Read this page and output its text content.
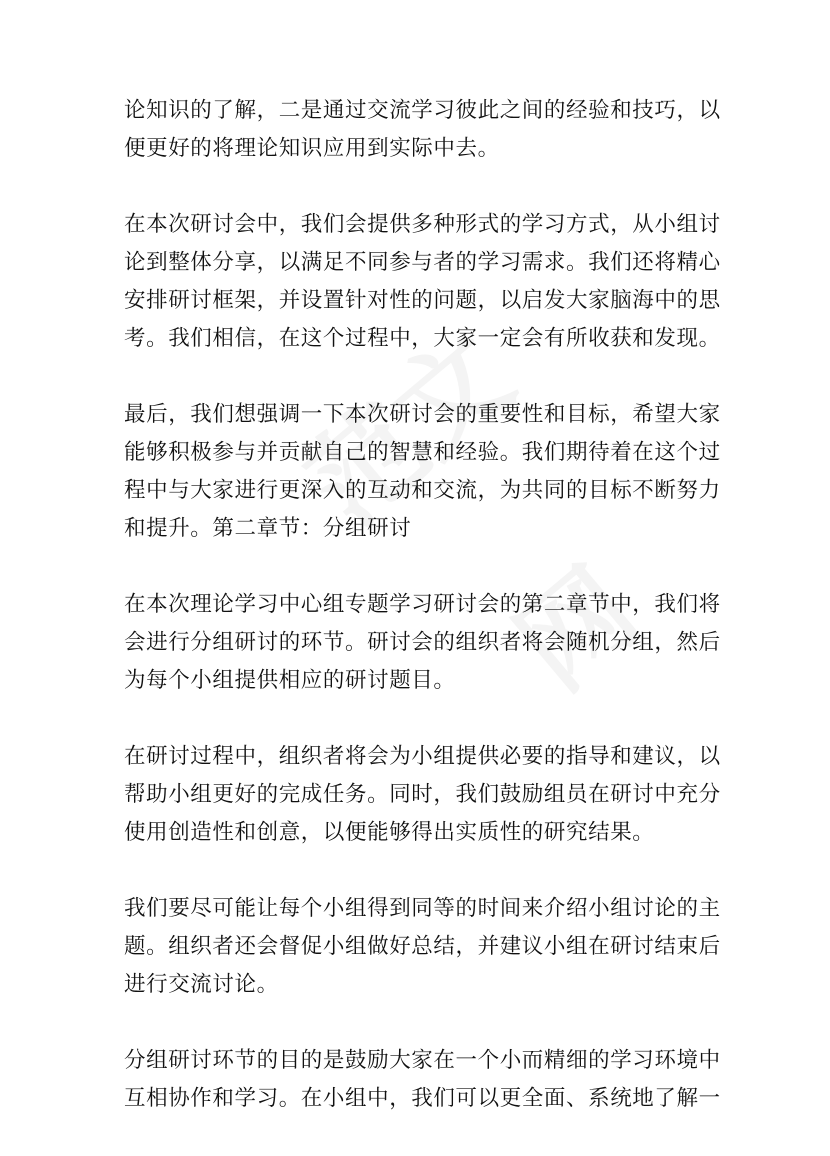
论知识的了解，二是通过交流学习彼此之间的经验和技巧，以
便更好的将理论知识应用到实际中去。

在本次研讨会中，我们会提供多种形式的学习方式，从小组讨
论到整体分享，以满足不同参与者的学习需求。我们还将精心
安排研讨框架，并设置针对性的问题，以启发大家脑海中的思
考。我们相信，在这个过程中，大家一定会有所收获和发现。

最后，我们想强调一下本次研讨会的重要性和目标，希望大家
能够积极参与并贡献自己的智慧和经验。我们期待着在这个过
程中与大家进行更深入的互动和交流，为共同的目标不断努力
和提升。第二章节：分组研讨

在本次理论学习中心组专题学习研讨会的第二章节中，我们将
会进行分组研讨的环节。研讨会的组织者将会随机分组，然后
为每个小组提供相应的研讨题目。

在研讨过程中，组织者将会为小组提供必要的指导和建议，以
帮助小组更好的完成任务。同时，我们鼓励组员在研讨中充分
使用创造性和创意，以便能够得出实质性的研究结果。

我们要尽可能让每个小组得到同等的时间来介绍小组讨论的主
题。组织者还会督促小组做好总结，并建议小组在研讨结束后
进行交流讨论。

分组研讨环节的目的是鼓励大家在一个小而精细的学习环境中
互相协作和学习。在小组中，我们可以更全面、系统地了解一
